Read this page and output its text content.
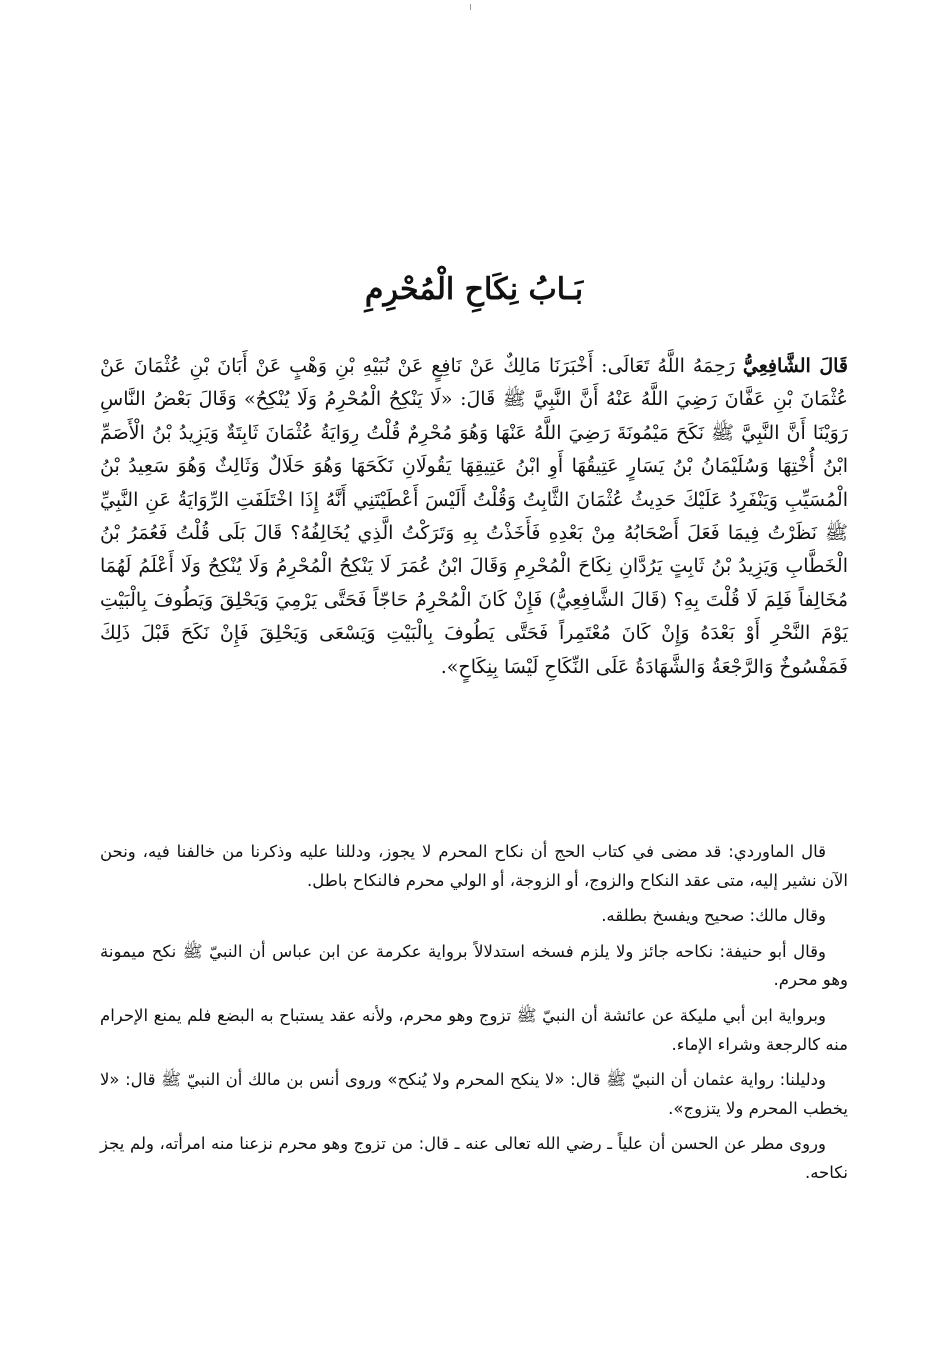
بَـابُ نِكَاحِ الْمُحْرِمِ

قَالَ الشَّافِعِيُّ رَحِمَهُ اللَّهُ تَعَالَى: أَخْبَرَنَا مَالِكٌ عَنْ نَافِعٍ عَنْ نُبَيْهِ بْنِ وَهْبٍ عَنْ أَبَانَ بْنِ عُثْمَانَ عَنْ عُثْمَانَ بْنِ عَفَّانَ رَضِيَ اللَّهُ عَنْهُ أَنَّ النَّبِيَّ ﷺ قَالَ: «لَا يَنْكِحُ الْمُحْرِمُ وَلَا يُنْكِحُ» وَقَالَ بَعْضُ النَّاسِ رَوَيْنَا أَنَّ النَّبِيَّ ﷺ نَكَحَ مَيْمُونَةَ رَضِيَ اللَّهُ عَنْهَا وَهُوَ مُحْرِمٌ قُلْتُ رِوَايَةُ عُثْمَانَ ثَابِتَةٌ وَيَزِيدُ بْنُ الْأَصَمِّ ابْنُ أُخْتِهَا وَسُلَيْمَانُ بْنُ يَسَارٍ عَتِيقُهَا أَوِ ابْنُ عَتِيقِهَا يَقُولَانِ نَكَحَهَا وَهُوَ حَلَالٌ وَثَالِثٌ وَهُوَ سَعِيدُ بْنُ الْمُسَيِّبِ وَيَنْفَرِدُ عَلَيْكَ حَدِيثُ عُثْمَانَ الثَّابِتُ وَقُلْتُ أَلَيْسَ أَعْطَيْتَنِي أَنَّهُ إِذَا اخْتَلَفَتِ الرِّوَايَةُ عَنِ النَّبِيِّ ﷺ نَظَرْتُ فِيمَا فَعَلَ أَصْحَابُهُ مِنْ بَعْدِهِ فَأَخَذْتُ بِهِ وَتَرَكْتُ الَّذِي يُخَالِفُهُ؟ قَالَ بَلَى قُلْتُ فَعُمَرُ بْنُ الْخَطَّابِ وَيَزِيدُ بْنُ ثَابِتٍ يَرُدَّانِ نِكَاحَ الْمُحْرِمِ وَقَالَ ابْنُ عُمَرَ لَا يَنْكِحُ الْمُحْرِمُ وَلَا يُنْكِحُ وَلَا أَعْلَمُ لَهُمَا مُخَالِفاً فَلِمَ لَا قُلْتَ بِهِ؟ (قَالَ الشَّافِعِيُّ) فَإِنْ كَانَ الْمُحْرِمُ حَاجّاً فَحَتَّى يَرْمِيَ وَيَحْلِقَ وَيَطُوفَ بِالْبَيْتِ يَوْمَ النَّحْرِ أَوْ بَعْدَهُ وَإِنْ كَانَ مُعْتَمِراً فَحَتَّى يَطُوفَ بِالْبَيْتِ وَيَسْعَى وَيَحْلِقَ فَإِنْ نَكَحَ قَبْلَ ذَلِكَ فَمَفْسُوخٌ وَالرَّجْعَةُ وَالشَّهَادَةُ عَلَى النِّكَاحِ لَيْسَا بِنِكَاحٍ».

قال الماوردي: قد مضى في كتاب الحج أن نكاح المحرم لا يجوز، ودللنا عليه وذكرنا من خالفنا فيه، ونحن الآن نشير إليه، متى عقد النكاح والزوج، أو الزوجة، أو الولي محرم فالنكاح باطل.

وقال مالك: صحيح ويفسخ بطلقه.

وقال أبو حنيفة: نكاحه جائز ولا يلزم فسخه استدلالاً برواية عكرمة عن ابن عباس أن النبيّ ﷺ نكح ميمونة وهو محرم.

وبرواية ابن أبي مليكة عن عائشة أن النبيّ ﷺ تزوج وهو محرم، ولأنه عقد يستباح به البضع فلم يمنع الإحرام منه كالرجعة وشراء الإماء.

ودليلنا: رواية عثمان أن النبيّ ﷺ قال: «لا ينكح المحرم ولا يُنكح» وروى أنس بن مالك أن النبيّ ﷺ قال: «لا يخطب المحرم ولا يتزوج».

وروى مطر عن الحسن أن علياً ـ رضي الله تعالى عنه ـ قال: من تزوج وهو محرم نزعنا منه امرأته، ولم يجز نكاحه.
